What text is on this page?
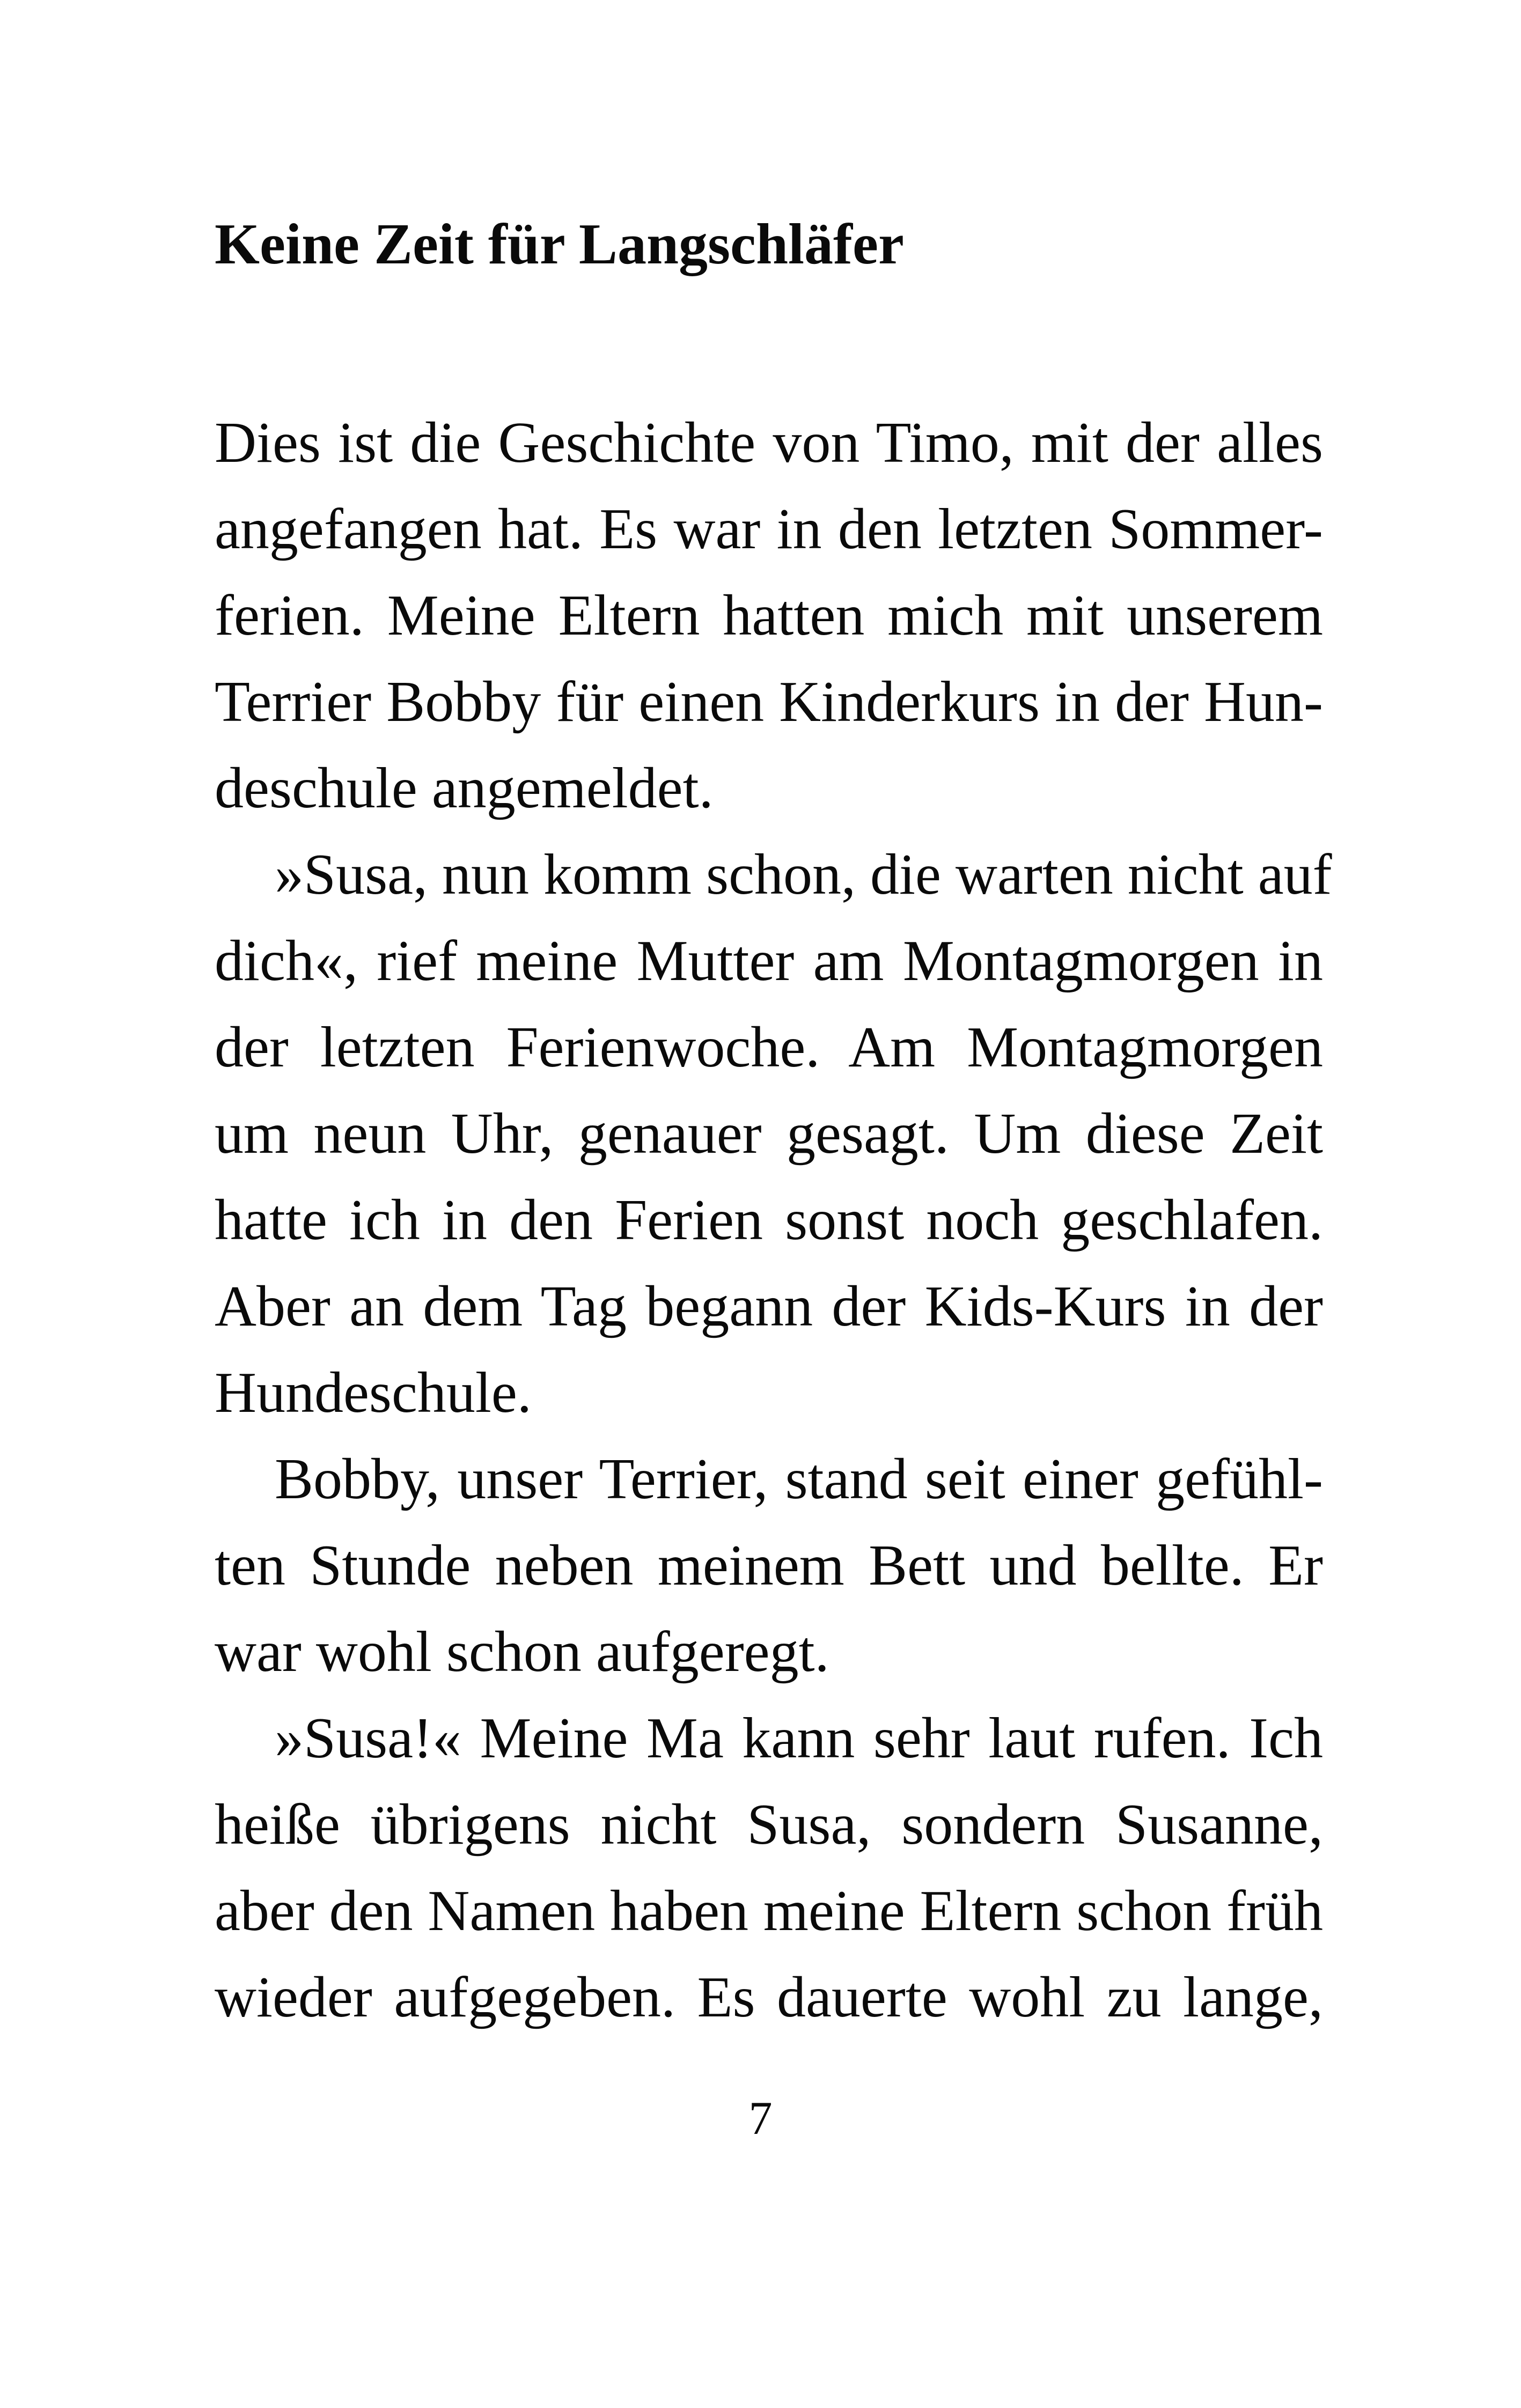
Keine Zeit für Langschläfer
Dies ist die Geschichte von Timo, mit der alles
angefangen hat. Es war in den letzten Sommer-
ferien. Meine Eltern hatten mich mit unserem
Terrier Bobby für einen Kinderkurs in der Hun-
deschule angemeldet.
»Susa, nun komm schon, die warten nicht auf
dich«, rief meine Mutter am Montagmorgen in
der letzten Ferienwoche. Am Montagmorgen
um neun Uhr, genauer gesagt. Um diese Zeit
hatte ich in den Ferien sonst noch geschlafen.
Aber an dem Tag begann der Kids-Kurs in der
Hundeschule.
Bobby, unser Terrier, stand seit einer gefühl-
ten Stunde neben meinem Bett und bellte. Er
war wohl schon aufgeregt.
»Susa!« Meine Ma kann sehr laut rufen. Ich
heiße übrigens nicht Susa, sondern Susanne,
aber den Namen haben meine Eltern schon früh
wieder aufgegeben. Es dauerte wohl zu lange,
7
